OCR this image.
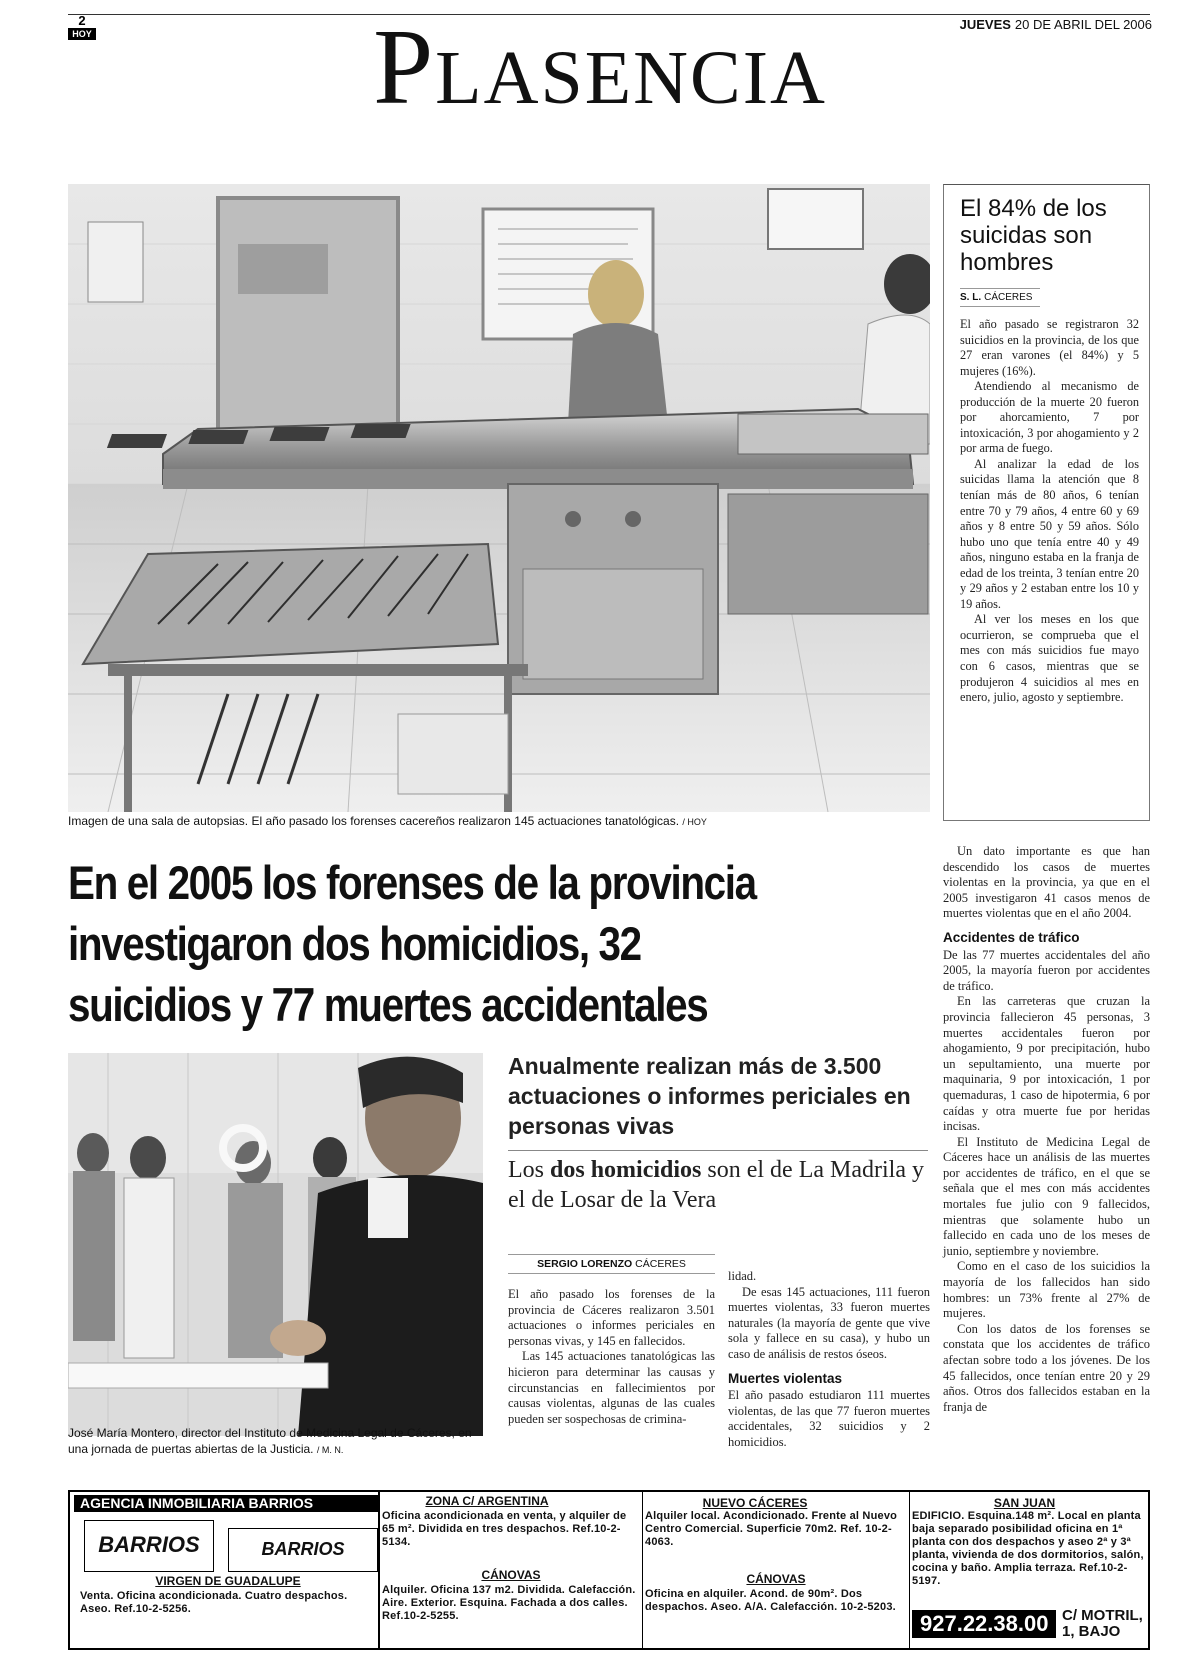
2
HOY
JUEVES 20 DE ABRIL DEL 2006
PLASENCIA
Imagen de una sala de autopsias. El año pasado los forenses cacereños realizaron 145 actuaciones tanatológicas. / HOY
El 84% de los suicidas son hombres
S. L. CÁCERES

El año pasado se registraron 32 suicidios en la provincia, de los que 27 eran varones (el 84%) y 5 mujeres (16%).

Atendiendo al mecanismo de producción de la muerte 20 fueron por ahorcamiento, 7 por intoxicación, 3 por ahogamiento y 2 por arma de fuego.

Al analizar la edad de los suicidas llama la atención que 8 tenían más de 80 años, 6 tenían entre 70 y 79 años, 4 entre 60 y 69 años y 8 entre 50 y 59 años. Sólo hubo uno que tenía entre 40 y 49 años, ninguno estaba en la franja de edad de los treinta, 3 tenían entre 20 y 29 años y 2 estaban entre los 10 y 19 años.

Al ver los meses en los que ocurrieron, se comprueba que el mes con más suicidios fue mayo con 6 casos, mientras que se produjeron 4 suicidios al mes en enero, julio, agosto y septiembre.

En el 2005 los forenses de la provincia
investigaron dos homicidios, 32
suicidios y 77 muertes accidentales
José María Montero, director del Instituto de Medicina Legal de Cáceres, en una jornada de puertas abiertas de la Justicia. / M. N.
Anualmente realizan más de 3.500 actuaciones o informes periciales en personas vivas
Los dos homicidios son el de La Madrila y el de Losar de la Vera
SERGIO LORENZO CÁCERES

El año pasado los forenses de la provincia de Cáceres realizaron 3.501 actuaciones o informes periciales en personas vivas, y 145 en fallecidos.

Las 145 actuaciones tanatológicas las hicieron para determinar las causas y circunstancias en fallecimientos por causas violentas, algunas de las cuales pueden ser sospechosas de crimina-

lidad.

De esas 145 actuaciones, 111 fueron muertes violentas, 33 fueron muertes naturales (la mayoría de gente que vive sola y fallece en su casa), y hubo un caso de análisis de restos óseos.

Muertes violentas

El año pasado estudiaron 111 muertes violentas, de las que 77 fueron muertes accidentales, 32 suicidios y 2 homicidios.

Un dato importante es que han descendido los casos de muertes violentas en la provincia, ya que en el 2005 investigaron 41 casos menos de muertes violentas que en el año 2004.

Accidentes de tráfico

De las 77 muertes accidentales del año 2005, la mayoría fueron por accidentes de tráfico.

En las carreteras que cruzan la provincia fallecieron 45 personas, 3 muertes accidentales fueron por ahogamiento, 9 por precipitación, hubo un sepultamiento, una muerte por maquinaria, 9 por intoxicación, 1 por quemaduras, 1 caso de hipotermia, 6 por caídas y otra muerte fue por heridas incisas.

El Instituto de Medicina Legal de Cáceres hace un análisis de las muertes por accidentes de tráfico, en el que se señala que el mes con más accidentes mortales fue julio con 9 fallecidos, mientras que solamente hubo un fallecido en cada uno de los meses de junio, septiembre y noviembre.

Como en el caso de los suicidios la mayoría de los fallecidos han sido hombres: un 73% frente al 27% de mujeres.

Con los datos de los forenses se constata que los accidentes de tráfico afectan sobre todo a los jóvenes. De los 45 fallecidos, once tenían entre 20 y 29 años. Otros dos fallecidos estaban en la franja de

AGENCIA INMOBILIARIA BARRIOS
BARRIOS	BARRIOS
ZONA C/ ARGENTINA
Oficina acondicionada en venta, y alquiler de 65 m². Dividida en tres despachos. Ref.10-2-5134.
NUEVO CÁCERES
Alquiler local. Acondicionado. Frente al Nuevo Centro Comercial. Superficie 70m2. Ref. 10-2-4063.
SAN JUAN
EDIFICIO. Esquina.148 m². Local en planta baja separado posibilidad oficina en 1ª planta con dos despachos y aseo 2ª y 3ª planta, vivienda de dos dormitorios, salón, cocina y baño. Amplia terraza. Ref.10-2-5197.
VIRGEN DE GUADALUPE
Venta. Oficina acondicionada. Cuatro despachos. Aseo. Ref.10-2-5256.
CÁNOVAS
Alquiler. Oficina 137 m2. Dividida. Calefacción. Aire. Exterior. Esquina. Fachada a dos calles. Ref.10-2-5255.
CÁNOVAS
Oficina en alquiler. Acond. de 90m². Dos despachos. Aseo. A/A. Calefacción. 10-2-5203.
927.22.38.00 C/ MOTRIL, 1, BAJO
